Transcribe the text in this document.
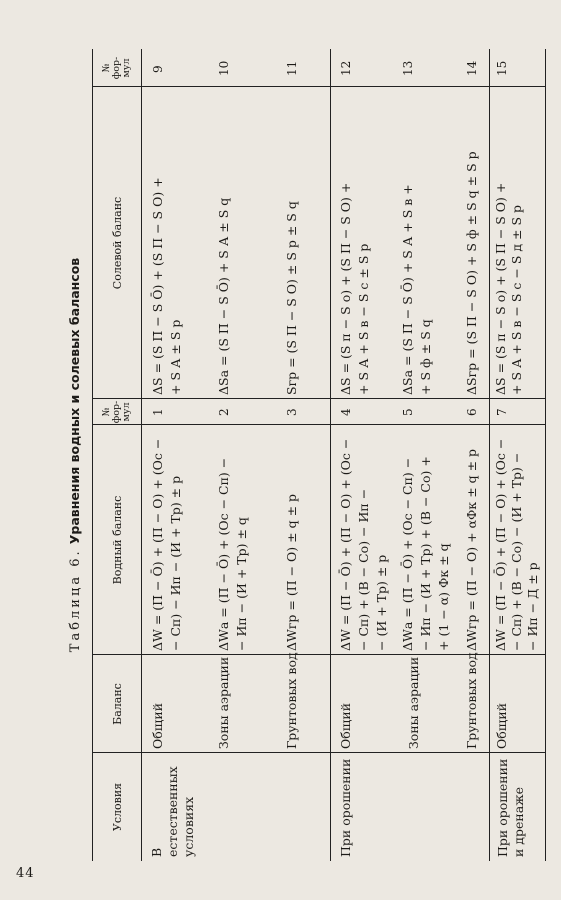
44
Таблица 6. Уравнения водных и солевых балансов
Условия
Баланс
Водный баланс
№ фор- мул
Солевой баланс
№ фор- мул
В естественных условиях
Общий
ΔW = (П̄ − О̄) + (П − О) + (Ос − − Сп) − Ип − (И + Тр) ± p
1
ΔS = (S П̄ − S О̄) + (S П − S О) + + S А ± S р
9
Зоны аэрации
ΔWа = (П̄ − О̄) + (Ос − Сп) − − Ип − (И + Тр) ± q
2
ΔSа = (S П̄ − S О̄) + S А ± S q
10
Грунтовых вод
ΔWгр = (П − О) ± q ± p
3
Sгр = (S П − S О) ± S р ± S q
11
При орошении
Общий
ΔW = (П̄ − О̄) + (П − О) + (Ос − − Сп) + (В − Со) − Ип − − (И + Тр) ± p
4
ΔS = (S п − S о) + (S П − S О) + + S А + S в − S с ± S р
12
Зоны аэрации
ΔWа = (П̄ − О̄) + (Ос − Сп) − − Ип − (И + Тр) + (В − Со) + + (1 − α) Фк ± q
5
ΔSа = (S П̄ − S О̄) + S А + S в + + S ф ± S q
13
Грунтовых вод
ΔWгр = (П − О) + αФк ± q ± p
6
ΔSгр = (S П − S О) + S ф ± S q ± S р
14
При орошении и дренаже
Общий
ΔW = (П̄ − О̄) + (П − О) + (Ос − − Сп) + (В − Со) − (И + Тр) − − Ип − Д ± p
7
ΔS = (S п − S о) + (S П − S О) + + S А + S в − S с − S д ± S р
15
